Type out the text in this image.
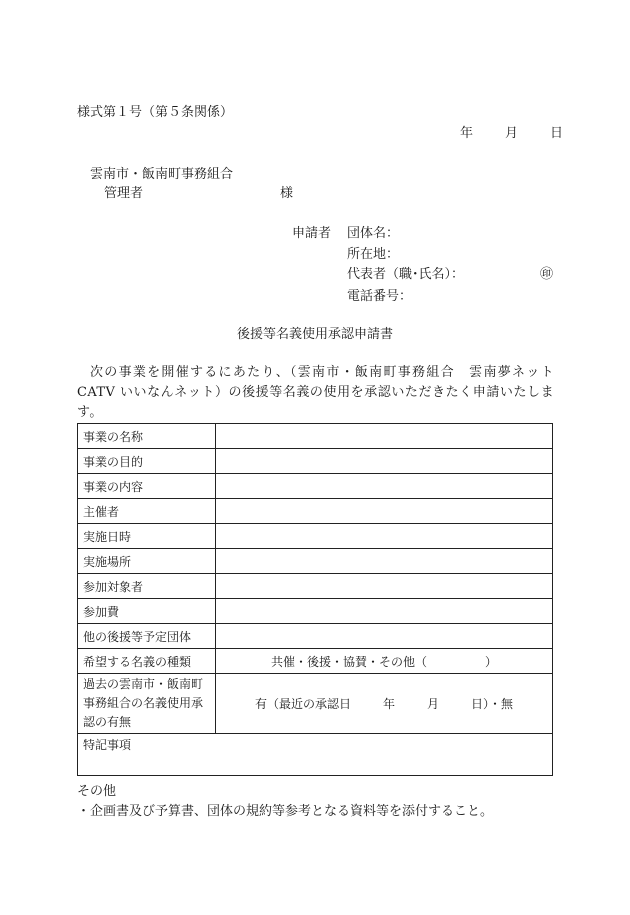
様式第１号（第５条関係）
年 月 日
雲南市・飯南町事務組合
管理者	様
申請者 団体名：
所在地：
代表者（職･氏名）：	㊞
電話番号：
後援等名義使用承認申請書
次の事業を開催するにあたり、（雲南市・飯南町事務組合　雲南夢ネットCATV いいなんネット）の後援等名義の使用を承認いただきたく申請いたします。
事業の名称	
事業の目的	
事業の内容	
主催者	
実施日時	
実施場所	
参加対象者	
参加費	
他の後援等予定団体	
希望する名義の種類	共催・後援・協賛・その他（ ）
過去の雲南市・飯南町
事務組合の名義使用承
認の有無	有（最近の承認日 年 月 日）・無
特記事項	
その他
・企画書及び予算書、団体の規約等参考となる資料等を添付すること。
